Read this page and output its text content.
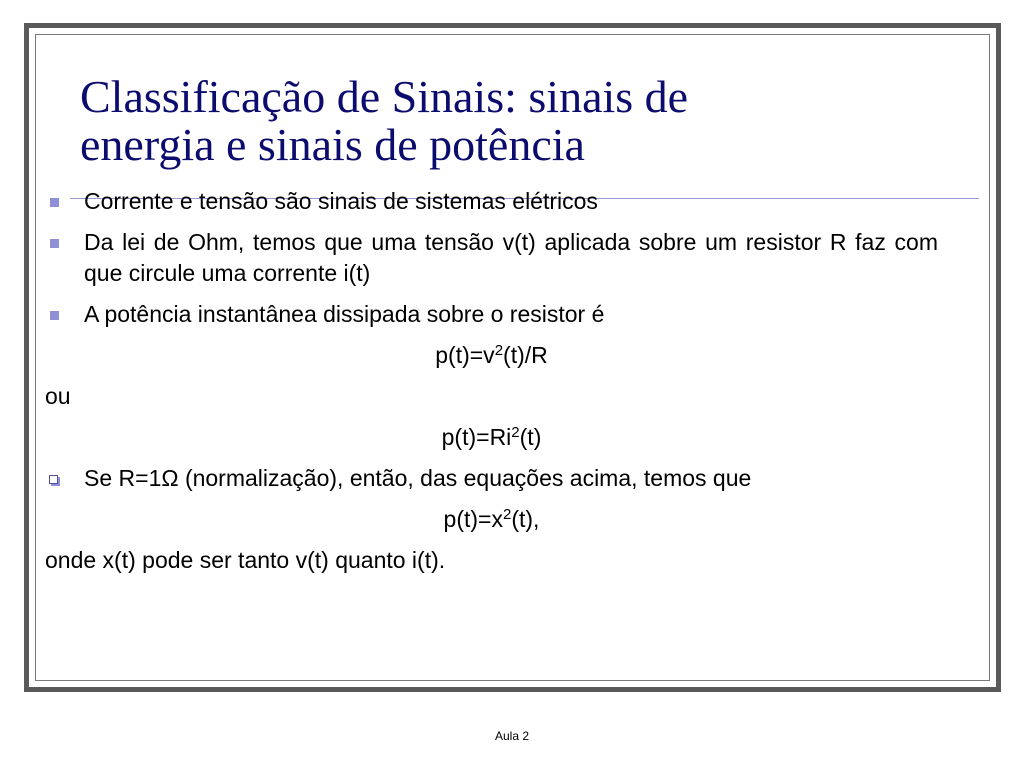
Classificação de Sinais: sinais de
energia e sinais de potência
Corrente e tensão são sinais de sistemas elétricos
Da lei de Ohm, temos que uma tensão v(t) aplicada sobre um resistor R faz com que circule uma corrente i(t)
A potência instantânea dissipada sobre o resistor é
$p(t)=v^2(t)/R$
ou
$p(t)=Ri^2(t)$
Se R=1Ω (normalização), então, das equações acima, temos que
$p(t)=x^2(t)$,
onde x(t) pode ser tanto v(t) quanto i(t).
Aula 2
